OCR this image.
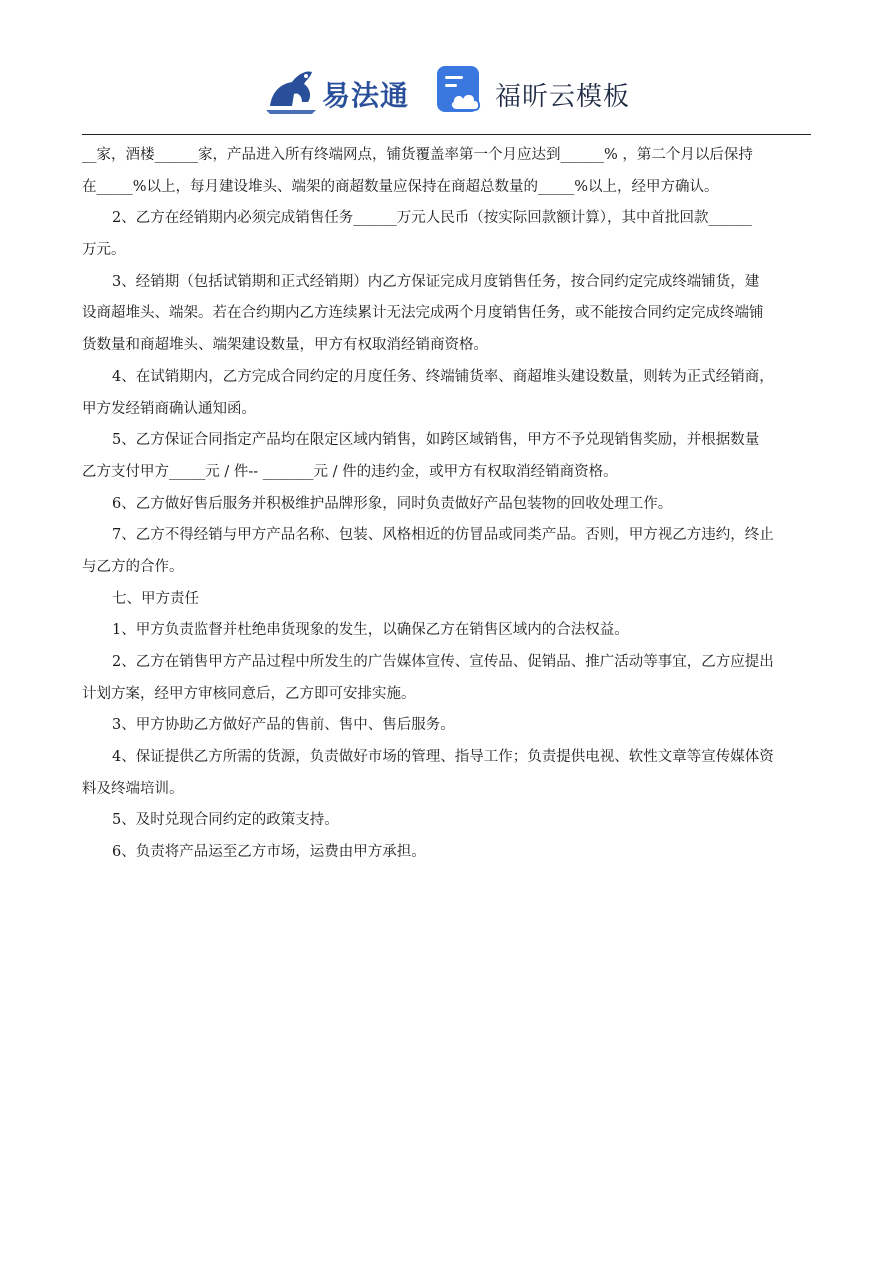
易法通	福昕云模板
__家，酒楼______家，产品进入所有终端网点，铺货覆盖率第一个月应达到______% ，第二个月以后保持
在_____%以上，每月建设堆头、端架的商超数量应保持在商超总数量的_____%以上，经甲方确认。
2、乙方在经销期内必须完成销售任务______万元人民币（按实际回款额计算），其中首批回款______
万元。
3、经销期（包括试销期和正式经销期）内乙方保证完成月度销售任务，按合同约定完成终端铺货，建
设商超堆头、端架。若在合约期内乙方连续累计无法完成两个月度销售任务，或不能按合同约定完成终端铺
货数量和商超堆头、端架建设数量，甲方有权取消经销商资格。
4、在试销期内，乙方完成合同约定的月度任务、终端铺货率、商超堆头建设数量，则转为正式经销商，
甲方发经销商确认通知函。
5、乙方保证合同指定产品均在限定区域内销售，如跨区域销售，甲方不予兑现销售奖励，并根据数量
乙方支付甲方_____元 / 件-- _______元 / 件的违约金，或甲方有权取消经销商资格。
6、乙方做好售后服务并积极维护品牌形象，同时负责做好产品包装物的回收处理工作。
7、乙方不得经销与甲方产品名称、包装、风格相近的仿冒品或同类产品。否则，甲方视乙方违约，终止
与乙方的合作。
七、甲方责任
1、甲方负责监督并杜绝串货现象的发生，以确保乙方在销售区域内的合法权益。
2、乙方在销售甲方产品过程中所发生的广告媒体宣传、宣传品、促销品、推广活动等事宜，乙方应提出
计划方案，经甲方审核同意后，乙方即可安排实施。
3、甲方协助乙方做好产品的售前、售中、售后服务。
4、保证提供乙方所需的货源，负责做好市场的管理、指导工作；负责提供电视、软性文章等宣传媒体资
料及终端培训。
5、及时兑现合同约定的政策支持。
6、负责将产品运至乙方市场，运费由甲方承担。
